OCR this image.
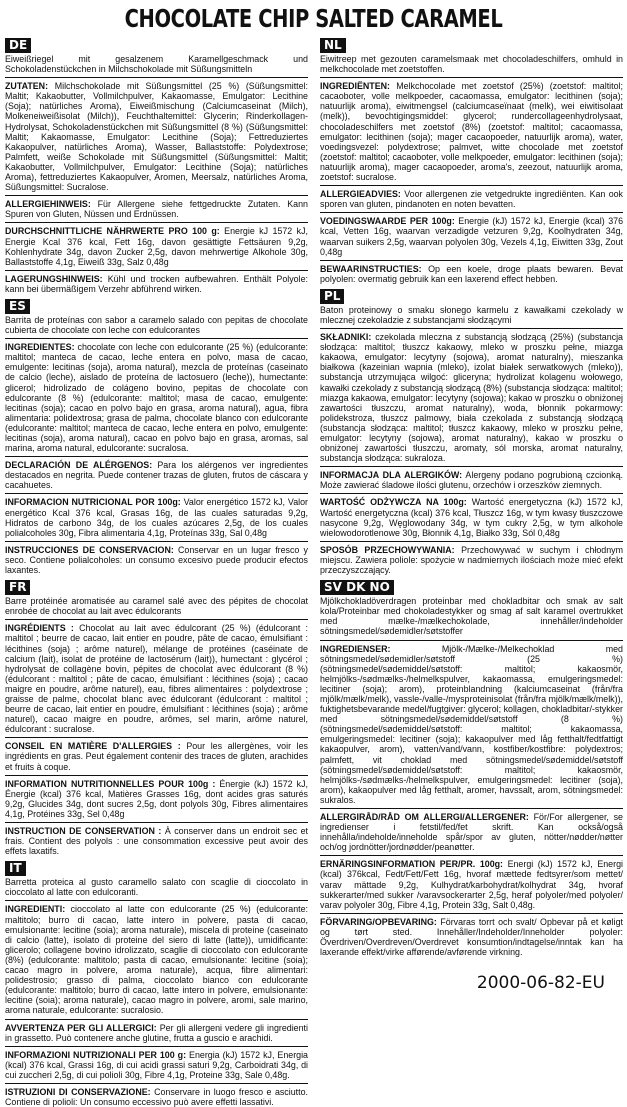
CHOCOLATE CHIP SALTED CARAMEL
DE

Eiweißriegel mit gesalzenem Karamellgeschmack und Schokoladenstückchen in Milchschokolade mit Süßungsmitteln

ZUTATEN: Milchschokolade mit Süßungsmittel (25 %) (Süßungsmittel: Maltit; Kakaobutter, Vollmilchpulver, Kakaomasse, Emulgator: Lecithine (Soja); natürliches Aroma), Eiweißmischung (Calciumcaseinat (Milch), Molkeneiweißisolat (Milch)), Feuchthaltemittel: Glycerin; Rinderkollagen-Hydrolysat, Schokoladenstückchen mit Süßungsmittel (8 %) (Süßungsmittel: Maltit; Kakaomasse, Emulgator: Lecithine (Soja); Fettreduziertes Kakaopulver, natürliches Aroma), Wasser, Ballaststoffe: Polydextrose; Palmfett, weiße Schokolade mit Süßungsmittel (Süßungsmittel: Maltit; Kakaobutter, Vollmilchpulver, Emulgator: Lecithine (Soja); natürliches Aroma), fettreduziertes Kakaopulver, Aromen, Meersalz, natürliches Aroma, Süßungsmittel: Sucralose.

ALLERGIEHINWEIS: Für Allergene siehe fettgedruckte Zutaten. Kann Spuren von Gluten, Nüssen und Erdnüssen.

DURCHSCHNITTLICHE NÄHRWERTE PRO 100 g: Energie kJ 1572 kJ, Energie Kcal 376 kcal, Fett 16g, davon gesättigte Fettsäuren 9,2g, Kohlenhydrate 34g, davon Zucker 2,5g, davon mehrwertige Alkohole 30g, Ballaststoffe 4,1g, Eiweiß 33g, Salz 0,48g

LAGERUNGSHINWEIS: Kühl und trocken aufbewahren. Enthält Polyole: kann bei übermäßigem Verzehr abführend wirken.

ES

Barrita de proteínas con sabor a caramelo salado con pepitas de chocolate cubierta de chocolate con leche con edulcorantes

INGREDIENTES: chocolate con leche con edulcorante (25 %) (edulcorante: maltitol; manteca de cacao, leche entera en polvo, masa de cacao, emulgente: lecitinas (soja), aroma natural), mezcla de proteínas (caseinato de calcio (leche), aislado de proteína de lactosuero (leche)), humectante: glicerol; hidrolizado de colágeno bovino, pepitas de chocolate con edulcorante (8 %) (edulcorante: maltitol; masa de cacao, emulgente: lecitinas (soja); cacao en polvo bajo en grasa, aroma natural), agua, fibra alimentaria: polidextrosa; grasa de palma, chocolate blanco con edulcorante (edulcorante: maltitol; manteca de cacao, leche entera en polvo, emulgente: lecitinas (soja), aroma natural), cacao en polvo bajo en grasa, aromas, sal marina, aroma natural, edulcorante: sucralosa.

DECLARACIÓN DE ALÉRGENOS: Para los alérgenos ver ingredientes destacados en negrita. Puede contener trazas de gluten, frutos de cáscara y cacahuetes.

INFORMACION NUTRICIONAL POR 100g: Valor energético 1572 kJ, Valor energético Kcal 376 kcal, Grasas 16g, de las cuales saturadas 9,2g, Hidratos de carbono 34g, de los cuales azúcares 2,5g, de los cuales polialcoholes 30g, Fibra alimentaria 4,1g, Proteínas 33g, Sal 0,48g

INSTRUCCIONES DE CONSERVACION: Conservar en un lugar fresco y seco. Contiene polialcoholes: un consumo excesivo puede producir efectos laxantes.

FR

Barre protéinée aromatisée au caramel salé avec des pépites de chocolat enrobée de chocolat au lait avec édulcorants

INGRÉDIENTS : Chocolat au lait avec édulcorant (25 %) (édulcorant : maltitol ; beurre de cacao, lait entier en poudre, pâte de cacao, émulsifiant : lécithines (soja) ; arôme naturel), mélange de protéines (caséinate de calcium (lait), isolat de protéine de lactosérum (lait)), humectant : glycérol ; hydrolysat de collagène bovin, pépites de chocolat avec édulcorant (8 %) (édulcorant : maltitol ; pâte de cacao, émulsifiant : lécithines (soja) ; cacao maigre en poudre, arôme naturel), eau, fibres alimentaires : polydextrose ; graisse de palme, chocolat blanc avec édulcorant (édulcorant : maltitol ; beurre de cacao, lait entier en poudre, émulsifiant : lécithines (soja) ; arôme naturel), cacao maigre en poudre, arômes, sel marin, arôme naturel, édulcorant : sucralose.

CONSEIL EN MATIÈRE D'ALLERGIES : Pour les allergènes, voir les ingrédients en gras. Peut également contenir des traces de gluten, arachides et fruits à coque.

INFORMATION NUTRITIONNELLES POUR 100g : Énergie (kJ) 1572 kJ, Énergie (kcal) 376 kcal, Matières Grasses 16g, dont acides gras saturés 9,2g, Glucides 34g, dont sucres 2,5g, dont polyols 30g, Fibres alimentaires 4,1g, Protéines 33g, Sel 0,48g

INSTRUCTION DE CONSERVATION : À conserver dans un endroit sec et frais. Contient des polyols : une consommation excessive peut avoir des effets laxatifs.

IT

Barretta proteica al gusto caramello salato con scaglie di cioccolato in cioccolato al latte con edulcoranti.

INGREDIENTI: cioccolato al latte con edulcorante (25 %) (edulcorante: maltitolo; burro di cacao, latte intero in polvere, pasta di cacao, emulsionante: lecitine (soia); aroma naturale), miscela di proteine (caseinato di calcio (latte), isolato di proteine del siero di latte (latte)), umidificante: glicerolo; collagene bovino idrolizzato, scaglie di cioccolato con edulcorante (8%) (edulcorante: maltitolo; pasta di cacao, emulsionante: lecitine (soia); cacao magro in polvere, aroma naturale), acqua, fibre alimentari: polidestrosio; grasso di palma, cioccolato bianco con edulcorante (edulcorante: maltitolo; burro di cacao, latte intero in polvere, emulsionante: lecitine (soia); aroma naturale), cacao magro in polvere, aromi, sale marino, aroma naturale, edulcorante: sucralosio.

AVVERTENZA PER GLI ALLERGICI: Per gli allergeni vedere gli ingredienti in grassetto. Può contenere anche glutine, frutta a guscio e arachidi.

INFORMAZIONI NUTRIZIONALI PER 100 g: Energia (kJ) 1572 kJ, Energia (kcal) 376 kcal, Grassi 16g, di cui acidi grassi saturi 9,2g, Carboidrati 34g, di cui zuccheri 2,5g, di cui polioli 30g, Fibre 4,1g, Proteine 33g, Sale 0,48g.

ISTRUZIONI DI CONSERVAZIONE: Conservare in luogo fresco e asciutto. Contiene di polioli: Un consumo eccessivo può avere effetti lassativi.

NL

Eiwitreep met gezouten caramelsmaak met chocoladeschilfers, omhuld in melkchocolade met zoetstoffen.

INGREDIËNTEN: Melkchocolade met zoetstof (25%) (zoetstof: maltitol; cacaoboter, volle melkpoeder, cacaomassa, emulgator: lecithinen (soja); natuurlijk aroma), eiwitmengsel (calciumcaseïnaat (melk), wei eiwitisolaat (melk)), bevochtigingsmiddel: glycerol; rundercollageenhydrolysaat, chocoladeschilfers met zoetstof (8%) (zoetstof: maltitol; cacaomassa, emulgator: lecithinen (soja); mager cacaopoeder, natuurlijk aroma), water, voedingsvezel: polydextrose; palmvet, witte chocolade met zoetstof (zoetstof: maltitol; cacaoboter, volle melkpoeder, emulgator: lecithinen (soja); natuurlijk aroma), mager cacaopoeder, aroma's, zeezout, natuurlijk aroma, zoetstof: sucralose.

ALLERGIEADVIES: Voor allergenen zie vetgedrukte ingrediënten. Kan ook sporen van gluten, pindanoten en noten bevatten.

VOEDINGSWAARDE PER 100g: Energie (kJ) 1572 kJ, Energie (kcal) 376 kcal, Vetten 16g, waarvan verzadigde vetzuren 9,2g, Koolhydraten 34g, waarvan suikers 2,5g, waarvan polyolen 30g, Vezels 4,1g, Eiwitten 33g, Zout 0,48g

BEWAARINSTRUCTIES: Op een koele, droge plaats bewaren. Bevat polyolen: overmatig gebruik kan een laxerend effect hebben.

PL

Baton proteinowy o smaku słonego karmelu z kawałkami czekolady w mlecznej czekoladzie z substancjami słodzącymi

SKŁADNIKI: czekolada mleczna z substancją słodzącą (25%) (substancja słodząca: maltitol; tłuszcz kakaowy, mleko w proszku pełne, miazga kakaowa, emulgator: lecytyny (sojowa), aromat naturalny), mieszanka białkowa (kazeinian wapnia (mleko), izolat białek serwatkowych (mleko)), substancja utrzymująca wilgoć: glicerynа; hydrolizat kolagenu wołowego, kawałki czekolady z substancją słodzącą (8%) (substancja słodząca: maltitol; miazga kakaowa, emulgator: lecytyny (sojowa); kakao w proszku o obniżonej zawartości tłuszczu, aromat naturalny), woda, błonnik pokarmowy: polidekstroza, tłuszcz palmowy, biała czekolada z substancją słodzącą (substancja słodząca: maltitol; tłuszcz kakaowy, mleko w proszku pełne, emulgator: lecytyny (sojowa), aromat naturalny), kakao w proszku o obniżonej zawartości tłuszczu, aromaty, sól morska, aromat naturalny, substancja słodząca: sukraloza.

INFORMACJA DLA ALERGIKÓW: Alergeny podano pogrubioną czcionką. Może zawierać śladowe ilości glutenu, orzechów i orzeszków ziemnych.

WARTOŚĆ ODŻYWCZA NA 100g: Wartość energetyczna (kJ) 1572 kJ, Wartość energetyczna (kcal) 376 kcal, Tłuszcz 16g, w tym kwasy tłuszczowe nasycone 9,2g, Węglowodany 34g, w tym cukry 2,5g, w tym alkohole wielowodorotlenowe 30g, Błonnik 4,1g, Białko 33g, Sól 0,48g

SPOSÓB PRZECHOWYWANIA: Przechowywać w suchym i chłodnym miejscu. Zawiera poliole: spożycie w nadmiernych ilościach może mieć efekt przeczyszczający.

SV DK NO

Mjölkchokladöverdragen proteinbar med chokladbitar och smak av salt kola/Proteinbar med chokoladestykker og smag af salt karamel overtrukket med mælke-/mælkechokolade, innehåller/indeholder sötningsmedel/sødemidler/søtstoffer

INGREDIENSER: Mjölk-/Mælke-/Melkechoklad med sötningsmedel/sødemidler/søtstoff (25 %) (sötningsmedel/sødemiddel/søtstoff: maltitol; kakaosmör, helmjölks-/sødmælks-/helmelkspulver, kakaomassa, emulgeringsmedel: lecitiner (soja); arom), proteinblandning (kalciumcaseinat (från/fra mjölk/mælk/melk), vassle-/valle-/mysproteinisolat (från/fra mjölk/mælk/melk)), fuktighetsbevarande medel/fugtgiver: glycerol; kollagen, chokladbitar/-stykker med sötningsmedel/sødemiddel/søtstoff (8 %) (sötningsmedel/sødemiddel/søtstoff: maltitol; kakaomassa, emulgeringsmedel: lecitiner (soja); kakaopulver med låg fetthalt/fedtfattigt kakaopulver, arom), vatten/vand/vann, kostfiber/kostfibre: polydextros; palmfett, vit choklad med sötningsmedel/sødemiddel/søtstoff (sötningsmedel/sødemiddel/søtstoff: maltitol; kakaosmör, helmjölks-/sødmælks-/helmelkspulver, emulgeringsmedel: lecitiner (soja), arom), kakaopulver med låg fetthalt, aromer, havssalt, arom, sötningsmedel: sukralos.

ALLERGIRÅD/RÅD OM ALLERGI/ALLERGENER: För/For allergener, se ingredienser i fetstil/fed/fet skrift. Kan också/også innehålla/indeholde/inneholde spår/spor av gluten, nötter/nødder/nøtter och/og jordnötter/jordnødder/peanøtter.

ERNÄRINGSINFORMATION PER/PR. 100g: Energi (kJ) 1572 kJ, Energi (kcal) 376kcal, Fedt/Fett/Fett 16g, hvoraf mættede fedtsyrer/som mettet/ varav mättade 9,2g, Kulhydrat/karbohydrat/kolhydrat 34g, hvoraf sukkerarter/med sukker /varavsockerarter 2,5g, heraf polyoler/med polyoler/ varav polyoler 30g, Fibre 4,1g, Protein 33g, Salt 0,48g.

FÖRVARING/OPBEVARING: Förvaras torrt och svalt/ Opbevar på et køligt og tørt sted. Innehåller/Indeholder/Inneholder polyoler: Överdriven/Overdreven/Overdrevet konsumtion/indtagelse/inntak kan ha laxerande effekt/virke afførende/avførende virkning.

2000-06-82-EU
